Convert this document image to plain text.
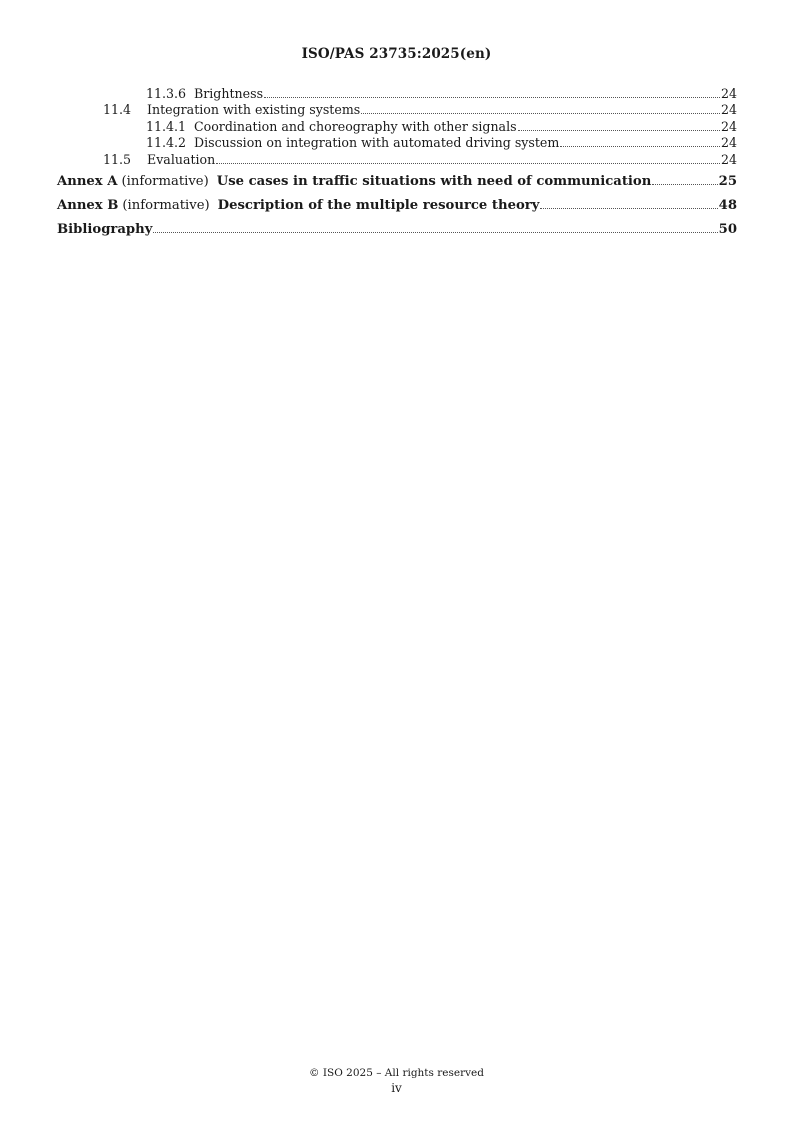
ISO/PAS 23735:2025(en)
11.3.6 Brightness	24
11.4	Integration with existing systems	24
11.4.1 Coordination and choreography with other signals	24
11.4.2 Discussion on integration with automated driving system	24
11.5	Evaluation	24
Annex A (informative) Use cases in traffic situations with need of communication	25
Annex B (informative) Description of the multiple resource theory	48
Bibliography	50
© ISO 2025 – All rights reserved
iv
